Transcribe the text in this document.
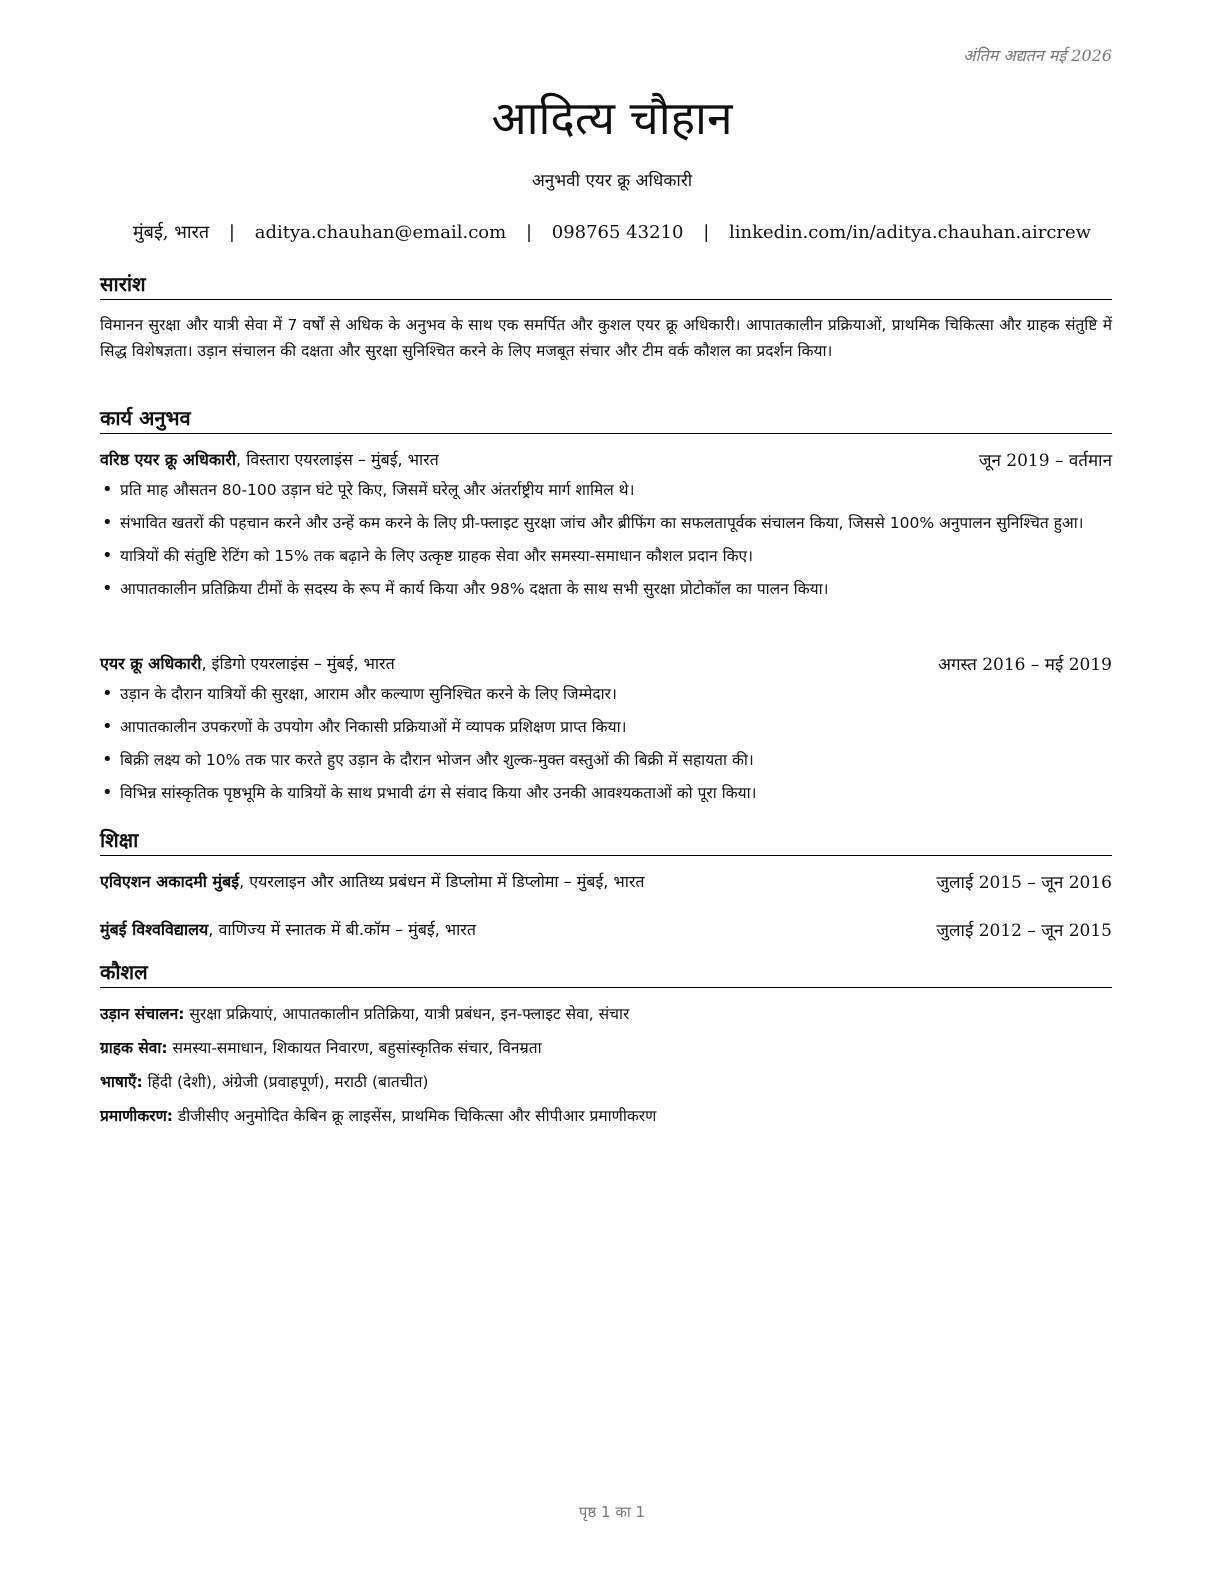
अंतिम अद्यतन मई 2026
आदित्य चौहान
अनुभवी एयर क्रू अधिकारी
मुंबई, भारत | aditya.chauhan@email.com | 098765 43210 | linkedin.com/in/aditya.chauhan.aircrew
सारांश
विमानन सुरक्षा और यात्री सेवा में 7 वर्षों से अधिक के अनुभव के साथ एक समर्पित और कुशल एयर क्रू अधिकारी। आपातकालीन प्रक्रियाओं, प्राथमिक चिकित्सा और ग्राहक संतुष्टि में सिद्ध विशेषज्ञता। उड़ान संचालन की दक्षता और सुरक्षा सुनिश्चित करने के लिए मजबूत संचार और टीम वर्क कौशल का प्रदर्शन किया।
कार्य अनुभव
वरिष्ठ एयर क्रू अधिकारी, विस्तारा एयरलाइंस – मुंबई, भारत	जून 2019 – वर्तमान
• प्रति माह औसतन 80-100 उड़ान घंटे पूरे किए, जिसमें घरेलू और अंतर्राष्ट्रीय मार्ग शामिल थे।
• संभावित खतरों की पहचान करने और उन्हें कम करने के लिए प्री-फ्लाइट सुरक्षा जांच और ब्रीफिंग का सफलतापूर्वक संचालन किया, जिससे 100% अनुपालन सुनिश्चित हुआ।
• यात्रियों की संतुष्टि रेटिंग को 15% तक बढ़ाने के लिए उत्कृष्ट ग्राहक सेवा और समस्या-समाधान कौशल प्रदान किए।
• आपातकालीन प्रतिक्रिया टीमों के सदस्य के रूप में कार्य किया और 98% दक्षता के साथ सभी सुरक्षा प्रोटोकॉल का पालन किया।
एयर क्रू अधिकारी, इंडिगो एयरलाइंस – मुंबई, भारत	अगस्त 2016 – मई 2019
• उड़ान के दौरान यात्रियों की सुरक्षा, आराम और कल्याण सुनिश्चित करने के लिए जिम्मेदार।
• आपातकालीन उपकरणों के उपयोग और निकासी प्रक्रियाओं में व्यापक प्रशिक्षण प्राप्त किया।
• बिक्री लक्ष्य को 10% तक पार करते हुए उड़ान के दौरान भोजन और शुल्क-मुक्त वस्तुओं की बिक्री में सहायता की।
• विभिन्न सांस्कृतिक पृष्ठभूमि के यात्रियों के साथ प्रभावी ढंग से संवाद किया और उनकी आवश्यकताओं को पूरा किया।
शिक्षा
एविएशन अकादमी मुंबई, एयरलाइन और आतिथ्य प्रबंधन में डिप्लोमा में डिप्लोमा – मुंबई, भारत	जुलाई 2015 – जून 2016
मुंबई विश्वविद्यालय, वाणिज्य में स्नातक में बी.कॉम – मुंबई, भारत	जुलाई 2012 – जून 2015
कौशल
उड़ान संचालन: सुरक्षा प्रक्रियाएं, आपातकालीन प्रतिक्रिया, यात्री प्रबंधन, इन-फ्लाइट सेवा, संचार
ग्राहक सेवा: समस्या-समाधान, शिकायत निवारण, बहुसांस्कृतिक संचार, विनम्रता
भाषाएँ: हिंदी (देशी), अंग्रेजी (प्रवाहपूर्ण), मराठी (बातचीत)
प्रमाणीकरण: डीजीसीए अनुमोदित केबिन क्रू लाइसेंस, प्राथमिक चिकित्सा और सीपीआर प्रमाणीकरण
पृष्ठ 1 का 1
